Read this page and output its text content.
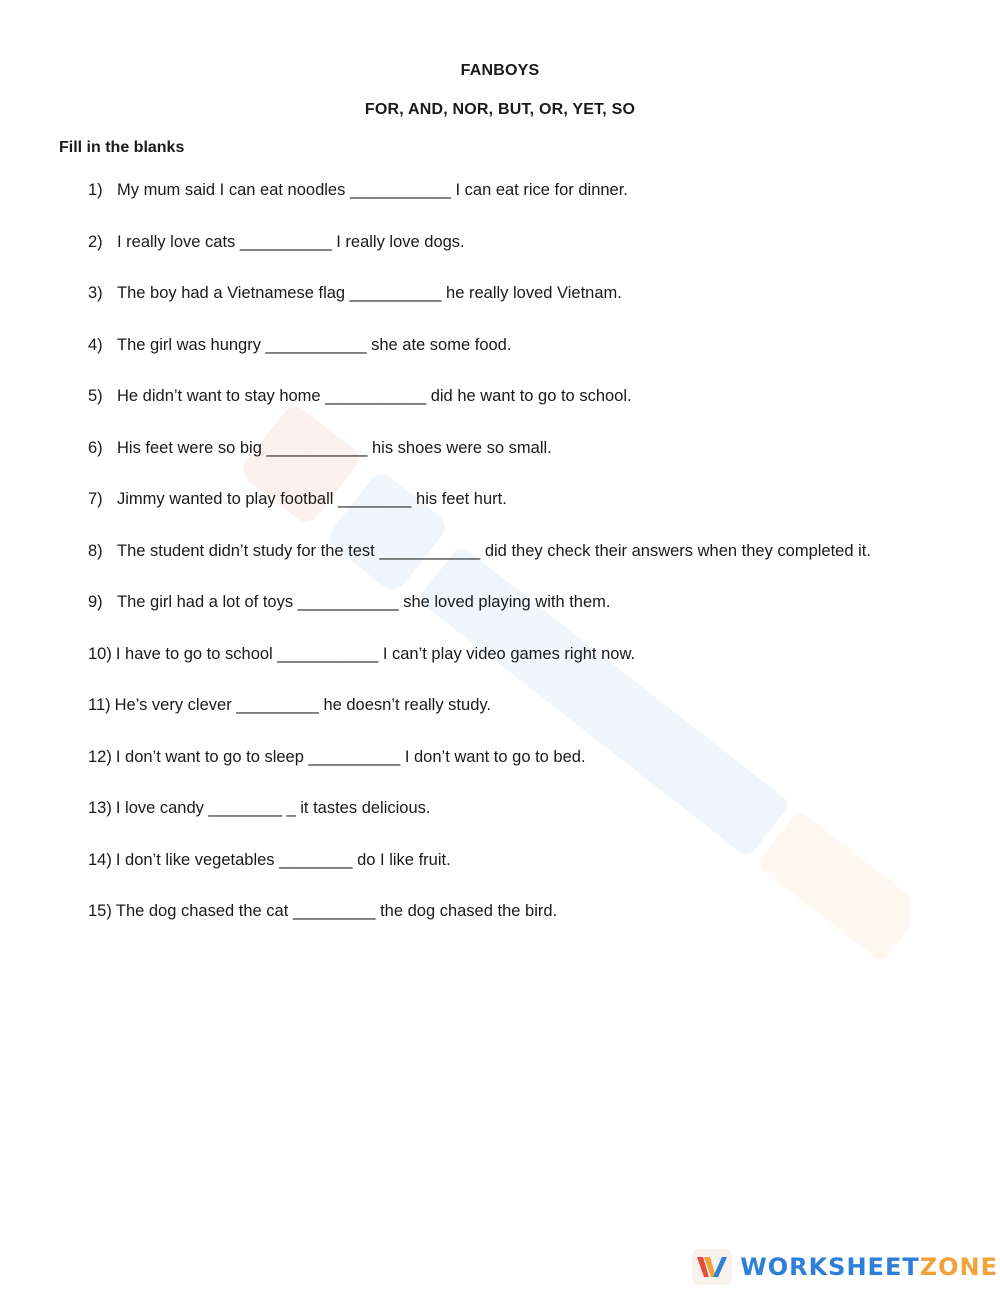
FANBOYS
FOR, AND, NOR, BUT, OR, YET, SO
Fill in the blanks
1) My mum said I can eat noodles ___________ I can eat rice for dinner.
2) I really love cats __________ I really love dogs.
3) The boy had a Vietnamese flag __________ he really loved Vietnam.
4) The girl was hungry ___________ she ate some food.
5) He didn’t want to stay home ___________ did he want to go to school.
6) His feet were so big ___________ his shoes were so small.
7) Jimmy wanted to play football ________ his feet hurt.
8) The student didn’t study for the test ___________ did they check their answers when they completed it.
9) The girl had a lot of toys ___________ she loved playing with them.
10) I have to go to school ___________ I can’t play video games right now.
11) He’s very clever _________ he doesn’t really study.
12) I don’t want to go to sleep __________ I don’t want to go to bed.
13) I love candy ________ _ it tastes delicious.
14) I don’t like vegetables ________ do I like fruit.
15) The dog chased the cat _________ the dog chased the bird.
WORKSHEETZONE
